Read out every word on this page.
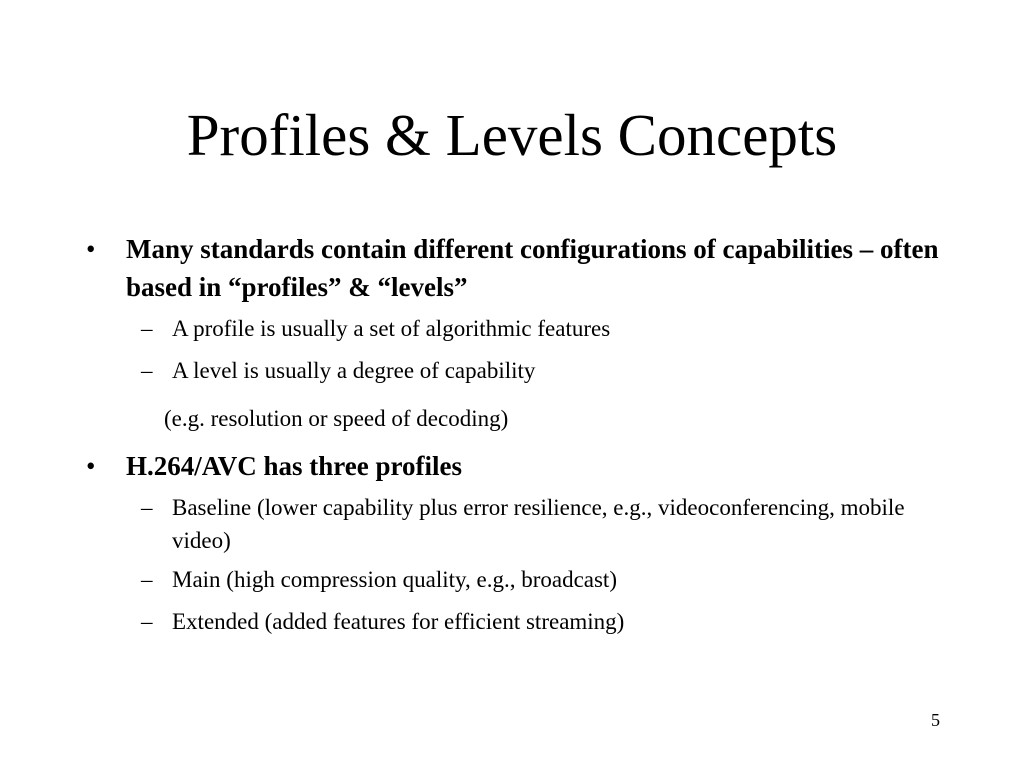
Profiles & Levels Concepts
• Many standards contain different configurations of capabilities – often based in “profiles” & “levels”
– A profile is usually a set of algorithmic features
– A level is usually a degree of capability
(e.g. resolution or speed of decoding)
• H.264/AVC has three profiles
– Baseline (lower capability plus error resilience, e.g., videoconferencing, mobile video)
– Main (high compression quality, e.g., broadcast)
– Extended (added features for efficient streaming)
5
